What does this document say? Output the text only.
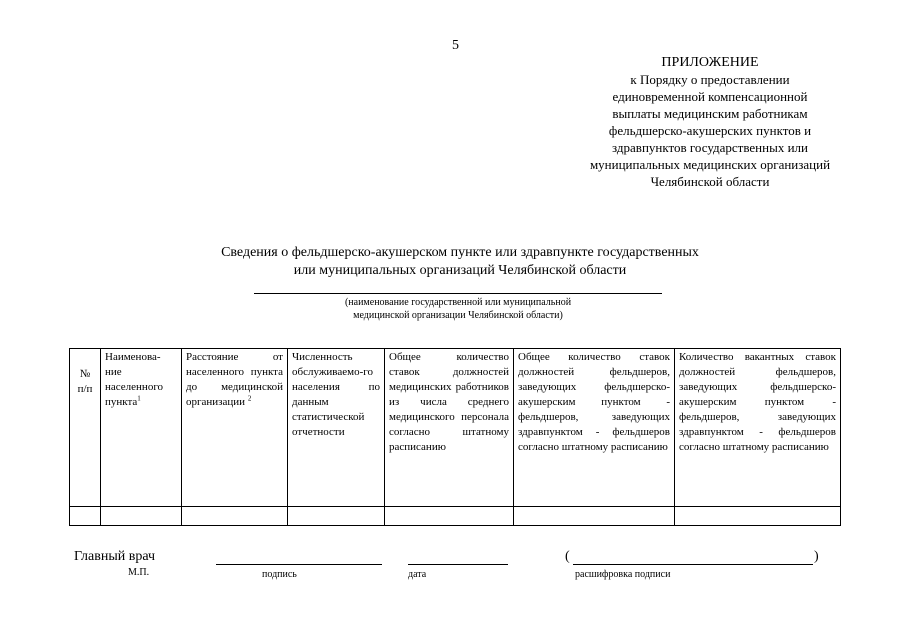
5
ПРИЛОЖЕНИЕ
к Порядку о предоставлении
единовременной компенсационной
выплаты медицинским работникам
фельдшерско-акушерских пунктов и
здравпунктов государственных или
муниципальных медицинских организаций
Челябинской области
Сведения о фельдшерско-акушерском пункте или здравпункте государственных
или муниципальных организаций Челябинской области
(наименование государственной или муниципальной
медицинской организации Челябинской области)
№ п/п	Наименова-ние населенного пункта$^1$	Расстояние от населенного пункта до медицинской организации $^2$	Численность обслуживаемо-го населения по данным статистической отчетности	Общее количество ставок должностей медицинских работников из числа среднего медицинского персонала согласно штатному расписанию	Общее количество ставок должностей фельдшеров, заведующих фельдшерско-акушерским пунктом - фельдшеров, заведующих здравпунктом - фельдшеров согласно штатному расписанию	Количество вакантных ставок должностей фельдшеров, заведующих фельдшерско-акушерским пунктом - фельдшеров, заведующих здравпунктом - фельдшеров согласно штатному расписанию

Главный врач
М.П.	подпись	дата
(	)
расшифровка подписи
